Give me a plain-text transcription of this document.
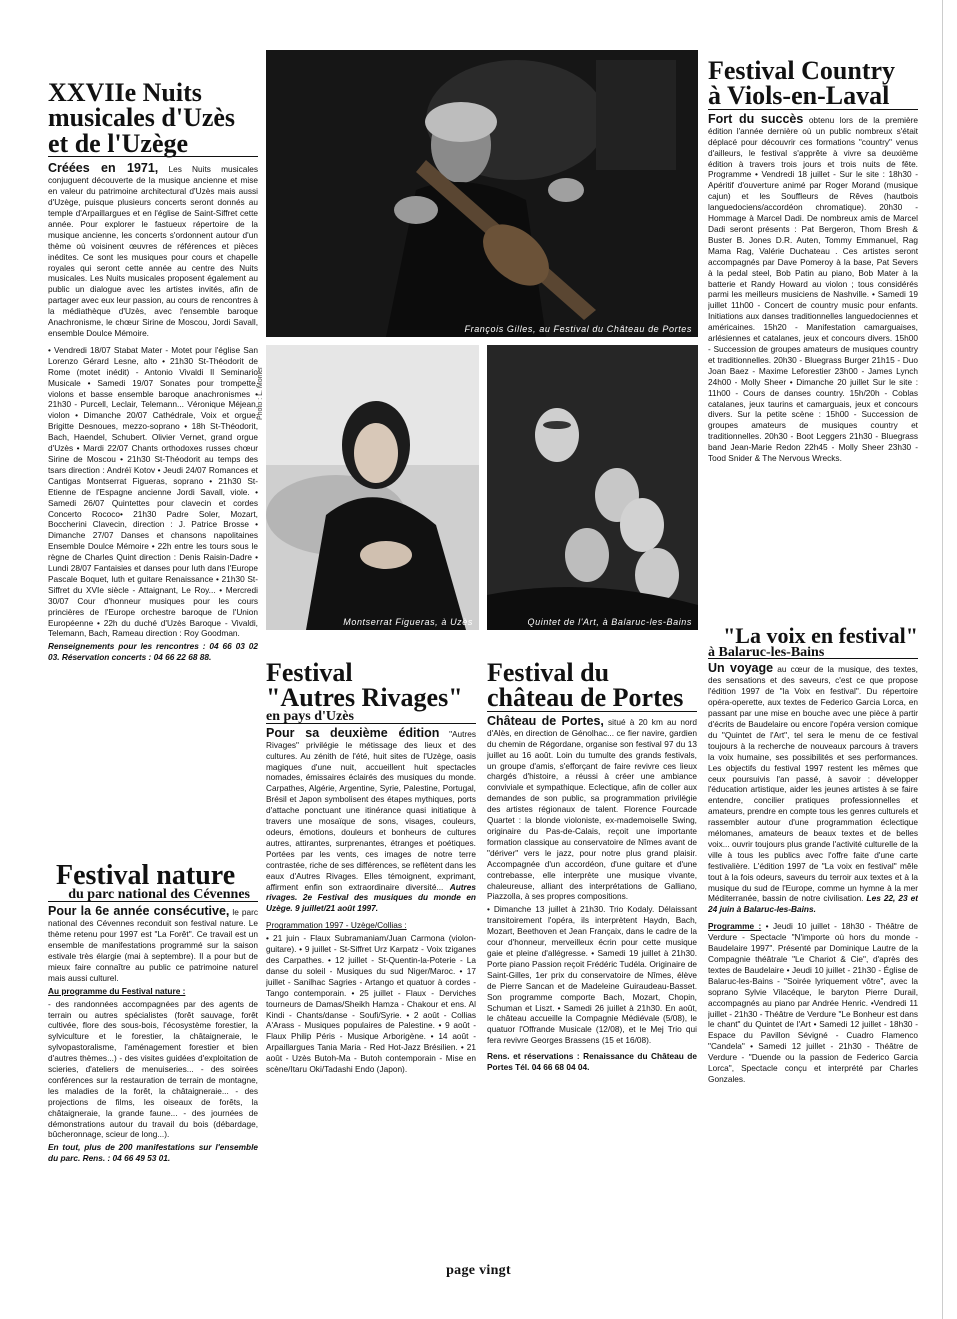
XXVIIe Nuits
musicales d'Uzès
et de l'Uzège

Créées en 1971, Les Nuits musicales conjuguent découverte de la musique ancienne et mise en valeur du patrimoine architectural d'Uzès mais aussi d'Uzège, puisque plusieurs concerts seront donnés au temple d'Arpaillargues et en l'église de Saint-Siffret cette année. Pour explorer le fastueux répertoire de la musique ancienne, les concerts s'ordonnent autour d'un thème où voisinent œuvres de références et pièces inédites. Ce sont les musiques pour cours et chapelle royales qui seront cette année au centre des Nuits musicales. Les Nuits musicales proposent également au public un dialogue avec les artistes invités, afin de partager avec eux leur passion, au cours de rencontres à la médiathèque d'Uzès, avec l'ensemble baroque Anachronisme, le chœur Sirine de Moscou, Jordi Savall, ensemble Doulce Mémoire.

• Vendredi 18/07 Stabat Mater - Motet pour l'église San Lorenzo Gérard Lesne, alto • 21h30 St-Théodorit de Rome (motet inédit) - Antonio Vivaldi Il Seminario Musicale • Samedi 19/07 Sonates pour trompette, violons et basse ensemble baroque anachronismes • 21h30 - Purcell, Leclair, Telemann... Véronique Méjean, violon • Dimanche 20/07 Cathédrale, Voix et orgue, Brigitte Desnoues, mezzo-soprano • 18h St-Théodorit, Bach, Haendel, Schubert. Olivier Vernet, grand orgue d'Uzès • Mardi 22/07 Chants orthodoxes russes chœur Sirine de Moscou • 21h30 St-Théodorit au temps des tsars direction : Andréï Kotov • Jeudi 24/07 Romances et Cantigas Montserrat Figueras, soprano • 21h30 St-Etienne de l'Espagne ancienne Jordi Savall, viole. • Samedi 26/07 Quintettes pour clavecin et cordes Concerto Rococo• 21h30 Padre Soler, Mozart, Boccherini Clavecin, direction : J. Patrice Brosse • Dimanche 27/07 Danses et chansons napolitaines Ensemble Doulce Mémoire • 22h entre les tours sous le règne de Charles Quint direction : Denis Raisin-Dadre • Lundi 28/07 Fantaisies et danses pour luth dans l'Europe Pascale Boquet, luth et guitare Renaissance • 21h30 St-Siffret du XVIe siècle - Attaignant, Le Roy... • Mercredi 30/07 Cour d'honneur musiques pour les cours princières de l'Europe orchestre baroque de l'Union Européenne • 22h du duché d'Uzès Baroque - Vivaldi, Telemann, Bach, Rameau direction : Roy Goodman.

Renseignements pour les rencontres : 04 66 03 02 03. Réservation concerts : 04 66 22 68 88.

Festival nature
du parc national des Cévennes

Pour la 6e année consécutive, le parc national des Cévennes reconduit son festival nature. Le thème retenu pour 1997 est "La Forêt". Ce travail est un ensemble de manifestations programmé sur la saison estivale très élargie (mai à septembre). Il a pour but de mieux faire connaître au public ce patrimoine naturel mais aussi culturel.

Au programme du Festival nature :

- des randonnées accompagnées par des agents de terrain ou autres spécialistes (forêt sauvage, forêt cultivée, flore des sous-bois, l'écosystème forestier, la sylviculture et le forestier, la châtaigneraie, le sylvopastoralisme, l'aménagement forestier et bien d'autres thèmes...) - des visites guidées d'exploitation de scieries, d'ateliers de menuiseries... - des soirées conférences sur la restauration de terrain de montagne, les maladies de la forêt, la châtaigneraie... - des projections de films, les oiseaux de forêts, la châtaigneraie, la grande faune... - des journées de démonstrations autour du travail du bois (débardage, bûcheronnage, scieur de long...).

En tout, plus de 200 manifestations sur l'ensemble du parc. Rens. : 04 66 49 53 01.

François Gilles, au Festival du Château de Portes
Montserrat Figueras, à Uzès
Photo : L. Monier
Quintet de l'Art, à Balaruc-les-Bains
Festival
"Autres Rivages"
en pays d'Uzès

Pour sa deuxième édition "Autres Rivages" privilégie le métissage des lieux et des cultures. Au zénith de l'été, huit sites de l'Uzège, oasis magiques d'une nuit, accueillent huit spectacles nomades, émissaires éclairés des musiques du monde. Carpathes, Algérie, Argentine, Syrie, Palestine, Portugal, Brésil et Japon symbolisent des étapes mythiques, ports d'attache ponctuant une itinérance quasi initiatique à travers une mosaïque de sons, visages, couleurs, odeurs, émotions, douleurs et bonheurs de cultures autres, attirantes, surprenantes, étranges et poétiques. Portées par les vents, ces images de notre terre contrastée, riche de ses différences, se reflètent dans les eaux d'Autres Rivages. Elles témoignent, exprimant, affirment enfin son extraordinaire diversité... Autres rivages. 2e Festival des musiques du monde en Uzège. 9 juillet/21 août 1997.

Programmation 1997 - Uzège/Collias :

• 21 juin - Flaux Subramaniam/Juan Carmona (violon-guitare). • 9 juillet - St-Siffret Urz Karpatz - Voix tziganes des Carpathes. • 12 juillet - St-Quentin-la-Poterie - La danse du soleil - Musiques du sud Niger/Maroc. • 17 juillet - Sanilhac Sagries - Artango et quatuor à cordes - Tango contemporain. • 25 juillet - Flaux - Derviches tourneurs de Damas/Sheikh Hamza - Chakour et ens. Al Kindi - Chants/danse - Soufi/Syrie. • 2 août - Collias A'Arass - Musiques populaires de Palestine. • 9 août - Flaux Philip Péris - Musique Arborigène. • 14 août - Arpaillargues Tania Maria - Red Hot-Jazz Brésilien. • 21 août - Uzès Butoh-Ma - Butoh contemporain - Mise en scène/Itaru Oki/Tadashi Endo (Japon).

Festival du
château de Portes

Château de Portes, situé à 20 km au nord d'Alès, en direction de Génolhac... ce fier navire, gardien du chemin de Régordane, organise son festival 97 du 13 juillet au 16 août. Loin du tumulte des grands festivals, un groupe d'amis, s'efforçant de faire revivre ces lieux chargés d'histoire, a réussi à créer une ambiance conviviale et sympathique. Eclectique, afin de coller aux demandes de son public, sa programmation privilégie des artistes régionaux de talent. Florence Fourcade Quartet : la blonde violoniste, ex-mademoiselle Swing, originaire du Pas-de-Calais, reçoit une importante formation classique au conservatoire de Nîmes avant de "dériver" vers le jazz, pour notre plus grand plaisir. Accompagnée d'un accordéon, d'une guitare et d'une contrebasse, elle interprète une musique vivante, chaleureuse, alliant des interprétations de Galliano, Piazzolla, à ses propres compositions.

• Dimanche 13 juillet à 21h30. Trio Kodaly. Délaissant transitoirement l'opéra, ils interprètent Haydn, Bach, Mozart, Beethoven et Jean Françaix, dans le cadre de la cour d'honneur, merveilleux écrin pour cette musique gaie et pleine d'allégresse. • Samedi 19 juillet à 21h30. Porte piano Passion reçoit Frédéric Tudéla. Originaire de Saint-Gilles, 1er prix du conservatoire de Nîmes, élève de Pierre Sancan et de Madeleine Guiraudeau-Basset. Son programme comporte Bach, Mozart, Chopin, Schuman et Liszt. • Samedi 26 juillet à 21h30. En août, le château accueille la Compagnie Médiévale (5/08), le quatuor l'Offrande Musicale (12/08), et le Mej Trio qui fera revivre Georges Brassens (15 et 16/08).

Rens. et réservations : Renaissance du Château de Portes Tél. 04 66 68 04 04.

Festival Country
à Viols-en-Laval

Fort du succès obtenu lors de la première édition l'année dernière où un public nombreux s'était déplacé pour découvrir ces formations "country" venus d'ailleurs, le festival s'apprête à vivre sa deuxième édition à travers trois jours et trois nuits de fête. Programme • Vendredi 18 juillet - Sur le site : 18h30 - Apéritif d'ouverture animé par Roger Morand (musique cajun) et les Souffleurs de Rêves (hautbois languedociens/accordéon chromatique). 20h30 - Hommage à Marcel Dadi. De nombreux amis de Marcel Dadi seront présents : Pat Bergeron, Thom Bresh & Buster B. Jones D.R. Auten, Tommy Emmanuel, Rag Mama Rag, Valérie Duchateau . Ces artistes seront accompagnés par Dave Pomeroy à la base, Pat Severs à la pedal steel, Bob Patin au piano, Bob Mater à la batterie et Randy Howard au violon ; tous considérés parmi les meilleurs musiciens de Nashville. • Samedi 19 juillet 11h00 - Concert de country music pour enfants. Initiations aux danses traditionnelles languedociennes et américaines. 15h20 - Manifestation camarguaises, arlésiennes et catalanes, jeux et concours divers. 15h00 - Succession de groupes amateurs de musiques country et traditionnelles. 20h30 - Bluegrass Burger 21h15 - Duo Joan Baez - Maxime Leforestier 23h00 - James Lynch 24h00 - Molly Sheer • Dimanche 20 juillet Sur le site : 11h00 - Cours de danses country. 15h/20h - Coblas catalanes, jeux taurins et camarguais, jeux et concours divers. Sur la petite scène : 15h00 - Succession de groupes amateurs de musiques country et traditionnelles. 20h30 - Boot Leggers 21h30 - Bluegrass band Jean-Marie Redon 22h45 - Molly Sheer 23h30 - Tood Snider & The Nervous Wrecks.

"La voix en festival"
à Balaruc-les-Bains

Un voyage au cœur de la musique, des textes, des sensations et des saveurs, c'est ce que propose l'édition 1997 de "la Voix en festival". Du répertoire opéra-operette, aux textes de Federico Garcia Lorca, en passant par une mise en bouche avec une pièce à partir d'écrits de Baudelaire ou encore l'opéra version comique du "Quintet de l'Art", tel sera le menu de ce festival toujours à la recherche de nouveaux parcours à travers la voix humaine, ses possibilités et ses performances. Les objectifs du festival 1997 restent les mêmes que ceux poursuivis l'an passé, à savoir : développer l'éducation artistique, aider les jeunes artistes à se faire entendre, concilier pratiques professionnelles et amateurs, prendre en compte tous les genres culturels et rassembler autour d'une programmation éclectique mélomanes, amateurs de beaux textes et de belles voix... ouvrir toujours plus grande l'activité culturelle de la ville à tous les publics avec l'offre faite d'une carte festivalière. L'édition 1997 de "La voix en festival" mêle tout à la fois odeurs, saveurs du terroir aux textes et à la musique du sud de l'Europe, comme un hymne à la mer Méditerranée, bassin de notre civilisation. Les 22, 23 et 24 juin à Balaruc-les-Bains.

Programme : • Jeudi 10 juillet - 18h30 - Théâtre de Verdure - Spectacle "N'importe où hors du monde - Baudelaire 1997". Présenté par Dominique Lautre de la Compagnie théâtrale "Le Chariot & Cie", d'après des textes de Baudelaire • Jeudi 10 juillet - 21h30 - Église de Balaruc-les-Bains - "Soirée lyriquement vôtre", avec la soprano Sylvie Vilacéque, le baryton Pierre Durail, accompagnés au piano par Andrée Henric. •Vendredi 11 juillet - 21h30 - Théâtre de Verdure "Le Bonheur est dans le chant" du Quintet de l'Art • Samedi 12 juillet - 18h30 - Espace du Pavillon Sévigné - Cuadro Flamenco "Candela" • Samedi 12 juillet - 21h30 - Théâtre de Verdure - "Duende ou la passion de Federico Garcia Lorca", Spectacle conçu et interprété par Charles Gonzales.

page vingt
